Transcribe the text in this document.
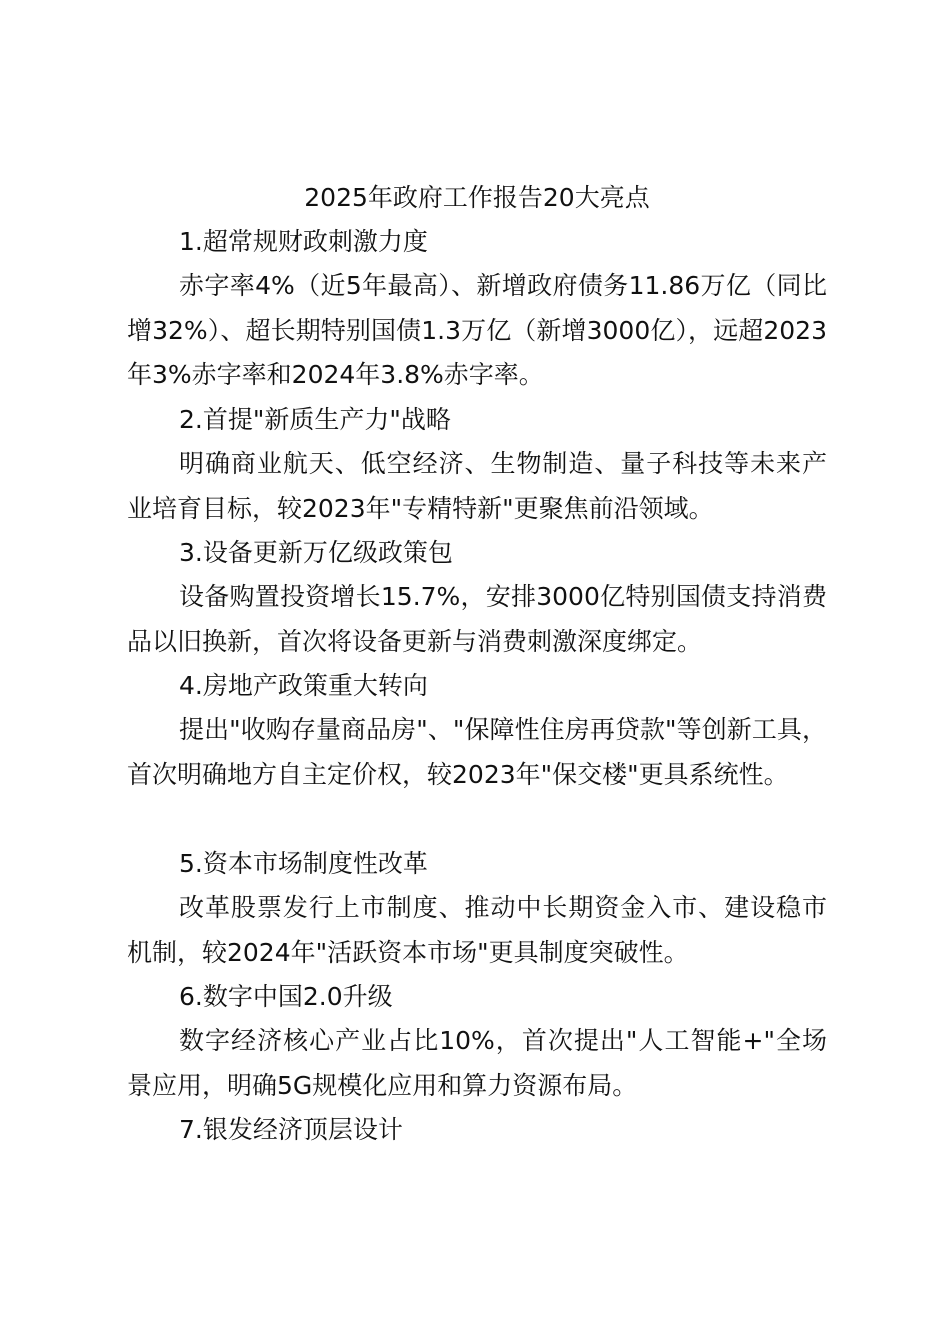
2025年政府工作报告20大亮点

1.超常规财政刺激力度

赤字率4%（近5年最高）、新增政府债务11.86万亿（同比增32%）、超长期特别国债1.3万亿（新增3000亿），远超2023年3%赤字率和2024年3.8%赤字率。

2.首提"新质生产力"战略

明确商业航天、低空经济、生物制造、量子科技等未来产业培育目标，较2023年"专精特新"更聚焦前沿领域。

3.设备更新万亿级政策包

设备购置投资增长15.7%，安排3000亿特别国债支持消费品以旧换新，首次将设备更新与消费刺激深度绑定。

4.房地产政策重大转向

提出"收购存量商品房"、"保障性住房再贷款"等创新工具，首次明确地方自主定价权，较2023年"保交楼"更具系统性。

5.资本市场制度性改革

改革股票发行上市制度、推动中长期资金入市、建设稳市机制，较2024年"活跃资本市场"更具制度突破性。

6.数字中国2.0升级

数字经济核心产业占比10%，首次提出"人工智能+"全场景应用，明确5G规模化应用和算力资源布局。

7.银发经济顶层设计
